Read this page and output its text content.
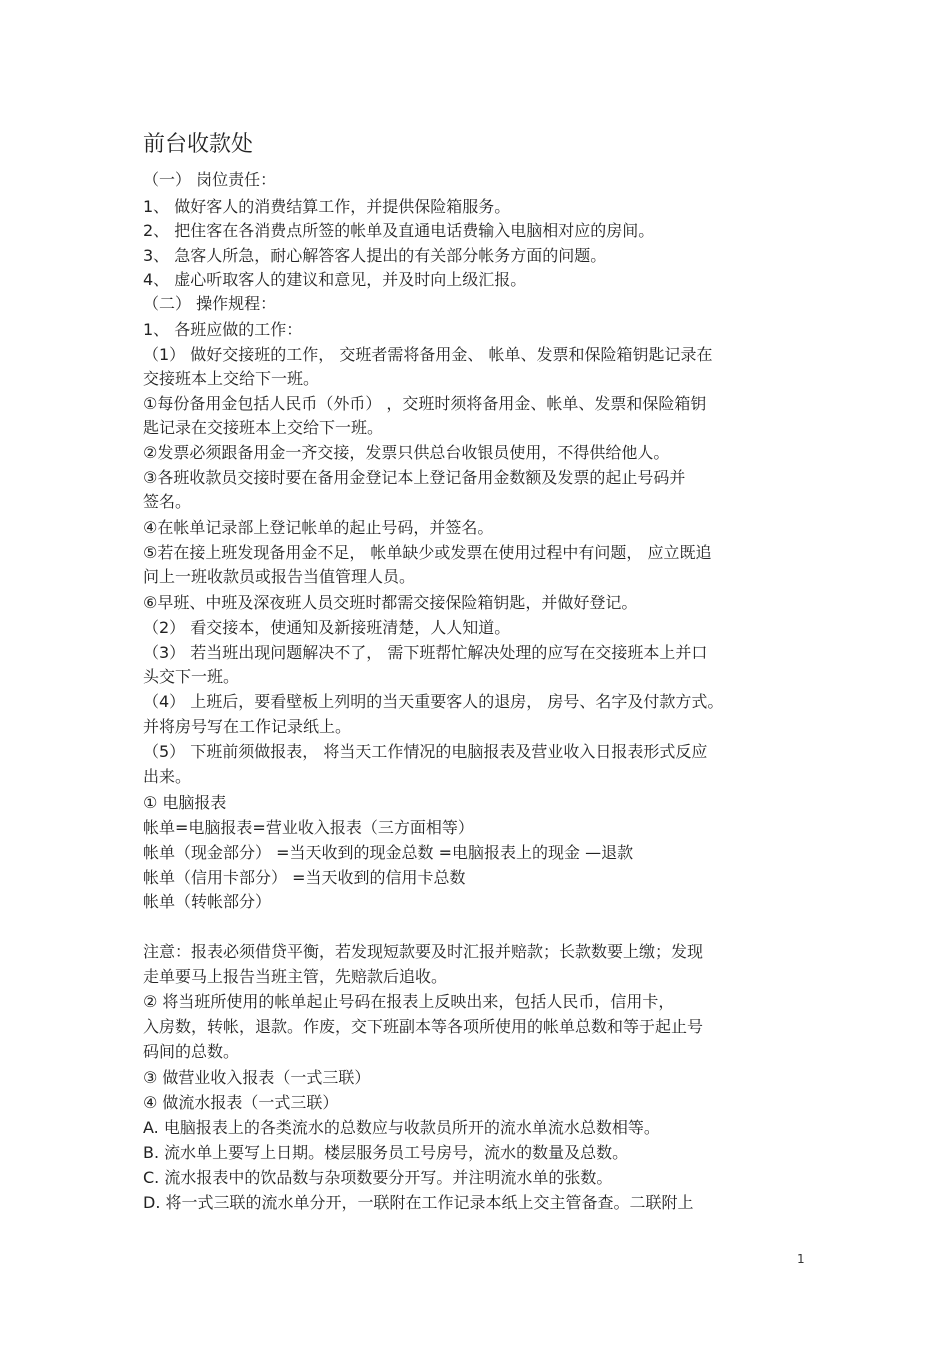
前台收款处
（一） 岗位责任：
1、 做好客人的消费结算工作，并提供保险箱服务。
2、 把住客在各消费点所签的帐单及直通电话费输入电脑相对应的房间。
3、 急客人所急，耐心解答客人提出的有关部分帐务方面的问题。
4、 虚心听取客人的建议和意见，并及时向上级汇报。
（二） 操作规程：
1、 各班应做的工作：
（1） 做好交接班的工作， 交班者需将备用金、 帐单、发票和保险箱钥匙记录在
交接班本上交给下一班。
①每份备用金包括人民币（外币） ，交班时须将备用金、帐单、发票和保险箱钥
匙记录在交接班本上交给下一班。
②发票必须跟备用金一齐交接，发票只供总台收银员使用，不得供给他人。
③各班收款员交接时要在备用金登记本上登记备用金数额及发票的起止号码并
签名。
④在帐单记录部上登记帐单的起止号码，并签名。
⑤若在接上班发现备用金不足， 帐单缺少或发票在使用过程中有问题， 应立既追
问上一班收款员或报告当值管理人员。
⑥早班、中班及深夜班人员交班时都需交接保险箱钥匙，并做好登记。
（2） 看交接本，使通知及新接班清楚，人人知道。
（3） 若当班出现问题解决不了， 需下班帮忙解决处理的应写在交接班本上并口
头交下一班。
（4） 上班后，要看壁板上列明的当天重要客人的退房， 房号、名字及付款方式。
并将房号写在工作记录纸上。
（5） 下班前须做报表， 将当天工作情况的电脑报表及营业收入日报表形式反应
出来。
① 电脑报表
帐单=电脑报表=营业收入报表（三方面相等）
帐单（现金部分） =当天收到的现金总数 =电脑报表上的现金 —退款
帐单（信用卡部分） =当天收到的信用卡总数
帐单（转帐部分）
注意：报表必须借贷平衡，若发现短款要及时汇报并赔款；长款数要上缴；发现
走单要马上报告当班主管，先赔款后追收。
② 将当班所使用的帐单起止号码在报表上反映出来，包括人民币，信用卡，
入房数，转帐，退款。作废，交下班副本等各项所使用的帐单总数和等于起止号
码间的总数。
③ 做营业收入报表（一式三联）
④ 做流水报表（一式三联）
A. 电脑报表上的各类流水的总数应与收款员所开的流水单流水总数相等。
B. 流水单上要写上日期。楼层服务员工号房号，流水的数量及总数。
C. 流水报表中的饮品数与杂项数要分开写。并注明流水单的张数。
D. 将一式三联的流水单分开，一联附在工作记录本纸上交主管备查。二联附上
1
